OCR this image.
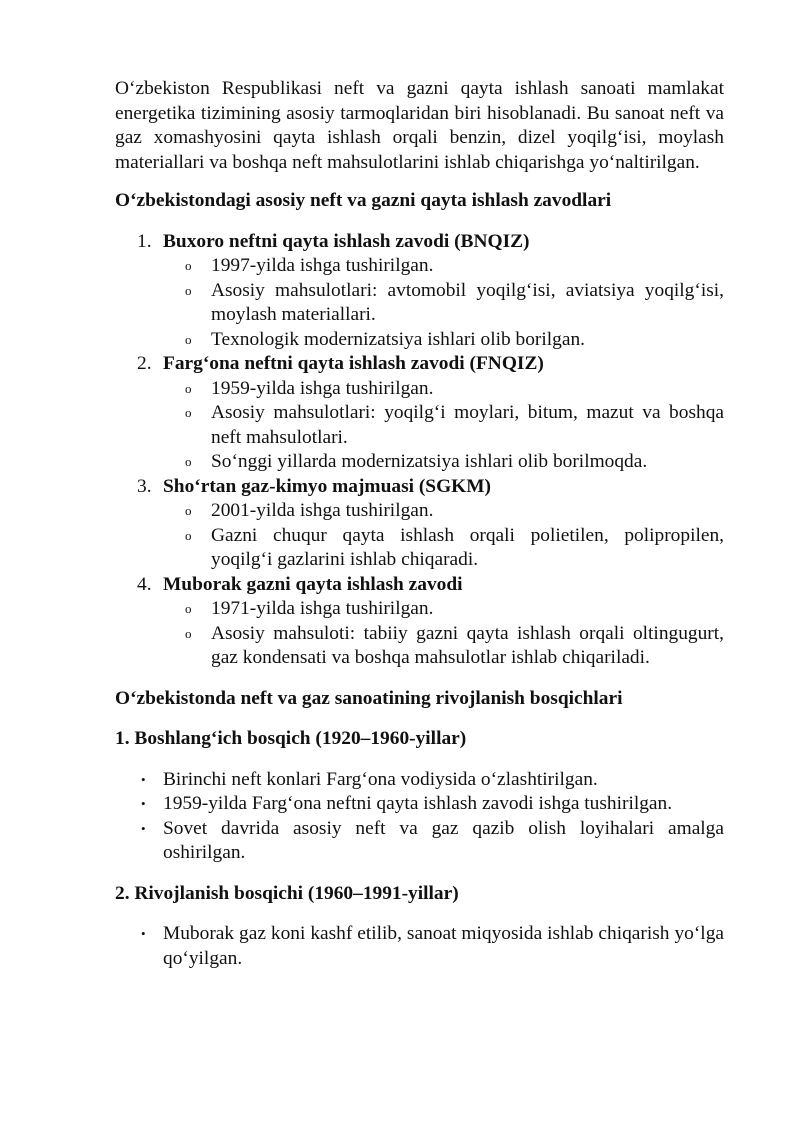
O‘zbekiston Respublikasi neft va gazni qayta ishlash sanoati mamlakat energetika tizimining asosiy tarmoqlaridan biri hisoblanadi. Bu sanoat neft va gaz xomashyosini qayta ishlash orqali benzin, dizel yoqilg‘isi, moylash materiallari va boshqa neft mahsulotlarini ishlab chiqarishga yo‘naltirilgan.

O‘zbekistondagi asosiy neft va gazni qayta ishlash zavodlari

1. Buxoro neftni qayta ishlash zavodi (BNQIZ)
o 1997-yilda ishga tushirilgan.
o Asosiy mahsulotlari: avtomobil yoqilg‘isi, aviatsiya yoqilg‘isi, moylash materiallari.
o Texnologik modernizatsiya ishlari olib borilgan.
2. Farg‘ona neftni qayta ishlash zavodi (FNQIZ)
o 1959-yilda ishga tushirilgan.
o Asosiy mahsulotlari: yoqilg‘i moylari, bitum, mazut va boshqa neft mahsulotlari.
o So‘nggi yillarda modernizatsiya ishlari olib borilmoqda.
3. Sho‘rtan gaz-kimyo majmuasi (SGKM)
o 2001-yilda ishga tushirilgan.
o Gazni chuqur qayta ishlash orqali polietilen, polipropilen, yoqilg‘i gazlarini ishlab chiqaradi.
4. Muborak gazni qayta ishlash zavodi
o 1971-yilda ishga tushirilgan.
o Asosiy mahsuloti: tabiiy gazni qayta ishlash orqali oltingugurt, gaz kondensati va boshqa mahsulotlar ishlab chiqariladi.

O‘zbekistonda neft va gaz sanoatining rivojlanish bosqichlari

1. Boshlang‘ich bosqich (1920–1960-yillar)

• Birinchi neft konlari Farg‘ona vodiysida o‘zlashtirilgan.
• 1959-yilda Farg‘ona neftni qayta ishlash zavodi ishga tushirilgan.
• Sovet davrida asosiy neft va gaz qazib olish loyihalari amalga oshirilgan.

2. Rivojlanish bosqichi (1960–1991-yillar)

• Muborak gaz koni kashf etilib, sanoat miqyosida ishlab chiqarish yo‘lga qo‘yilgan.
